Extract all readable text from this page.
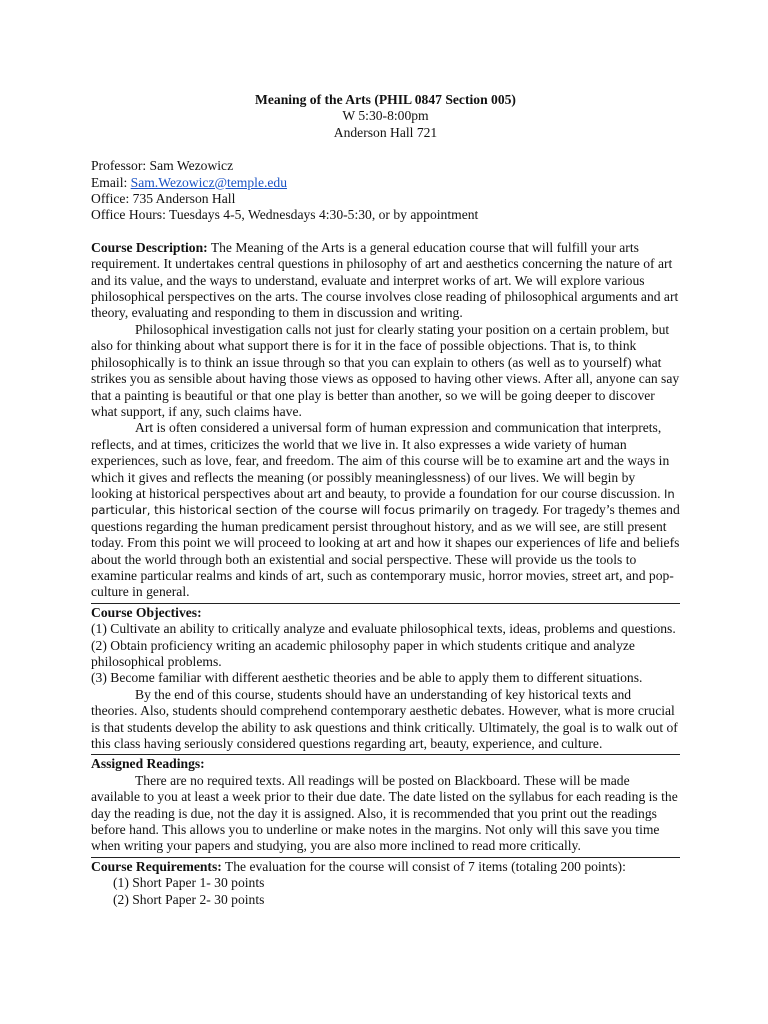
Meaning of the Arts (PHIL 0847 Section 005)
W 5:30-8:00pm
Anderson Hall 721
Professor: Sam Wezowicz
Email: Sam.Wezowicz@temple.edu
Office: 735 Anderson Hall
Office Hours: Tuesdays 4-5, Wednesdays 4:30-5:30, or by appointment

Course Description: The Meaning of the Arts is a general education course that will fulfill your arts requirement. It undertakes central questions in philosophy of art and aesthetics concerning the nature of art and its value, and the ways to understand, evaluate and interpret works of art. We will explore various philosophical perspectives on the arts. The course involves close reading of philosophical arguments and art theory, evaluating and responding to them in discussion and writing.

Philosophical investigation calls not just for clearly stating your position on a certain problem, but also for thinking about what support there is for it in the face of possible objections. That is, to think philosophically is to think an issue through so that you can explain to others (as well as to yourself) what strikes you as sensible about having those views as opposed to having other views. After all, anyone can say that a painting is beautiful or that one play is better than another, so we will be going deeper to discover what support, if any, such claims have.

Art is often considered a universal form of human expression and communication that interprets, reflects, and at times, criticizes the world that we live in. It also expresses a wide variety of human experiences, such as love, fear, and freedom. The aim of this course will be to examine art and the ways in which it gives and reflects the meaning (or possibly meaninglessness) of our lives. We will begin by looking at historical perspectives about art and beauty, to provide a foundation for our course discussion. In particular, this historical section of the course will focus primarily on tragedy. For tragedy’s themes and questions regarding the human predicament persist throughout history, and as we will see, are still present today. From this point we will proceed to looking at art and how it shapes our experiences of life and beliefs about the world through both an existential and social perspective. These will provide us the tools to examine particular realms and kinds of art, such as contemporary music, horror movies, street art, and pop-culture in general.

Course Objectives:

(1) Cultivate an ability to critically analyze and evaluate philosophical texts, ideas, problems and questions.

(2) Obtain proficiency writing an academic philosophy paper in which students critique and analyze philosophical problems.

(3) Become familiar with different aesthetic theories and be able to apply them to different situations.

By the end of this course, students should have an understanding of key historical texts and theories. Also, students should comprehend contemporary aesthetic debates. However, what is more crucial is that students develop the ability to ask questions and think critically. Ultimately, the goal is to walk out of this class having seriously considered questions regarding art, beauty, experience, and culture.

Assigned Readings:

There are no required texts. All readings will be posted on Blackboard. These will be made available to you at least a week prior to their due date. The date listed on the syllabus for each reading is the day the reading is due, not the day it is assigned. Also, it is recommended that you print out the readings before hand. This allows you to underline or make notes in the margins. Not only will this save you time when writing your papers and studying, you are also more inclined to read more critically.

Course Requirements: The evaluation for the course will consist of 7 items (totaling 200 points):

(1) Short Paper 1- 30 points
(2) Short Paper 2- 30 points
